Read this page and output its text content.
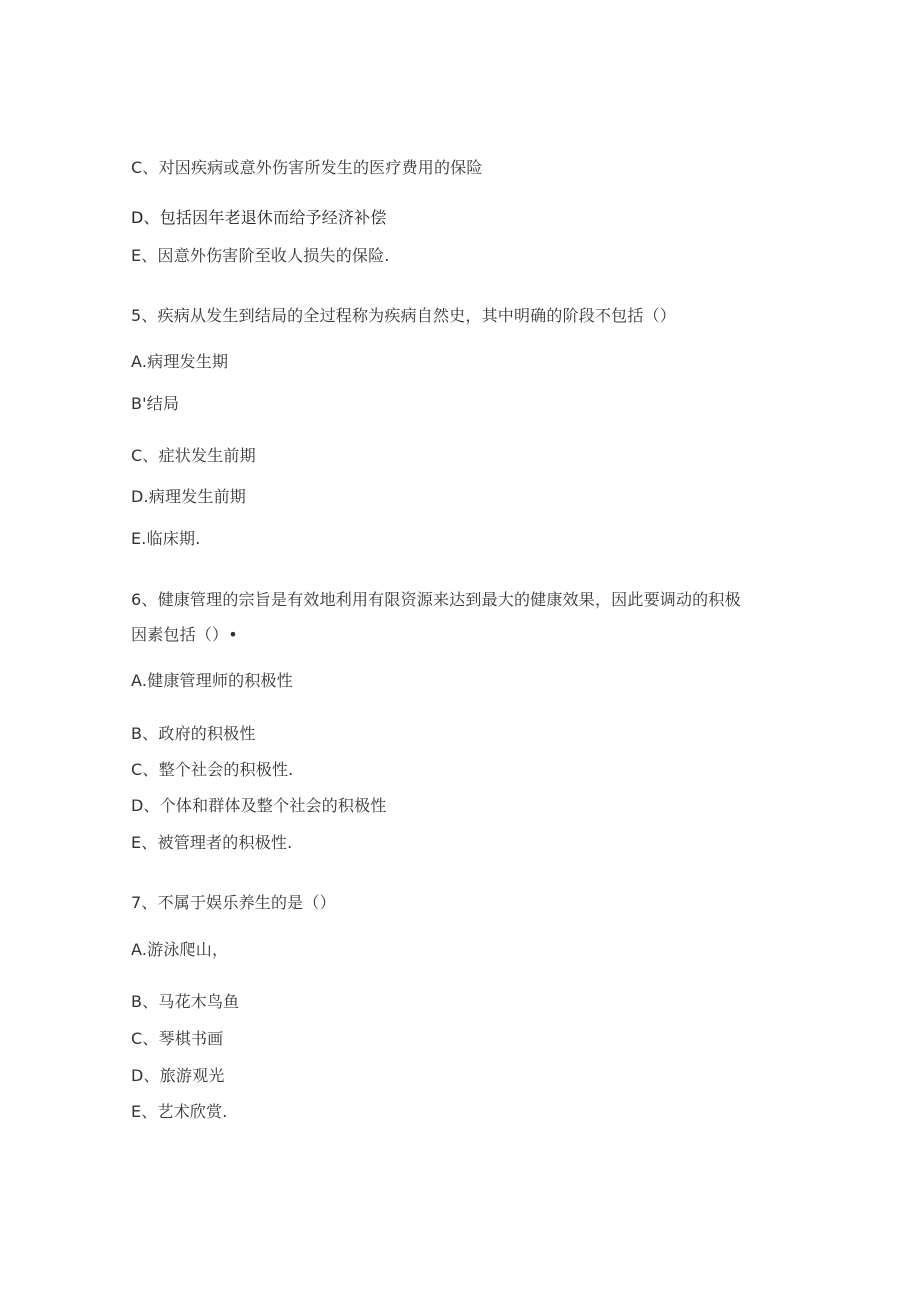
C、对因疾病或意外伤害所发生的医疗费用的保险
D、包括因年老退休而给予经济补偿
E、因意外伤害阶至收人损失的保险.
5、疾病从发生到结局的全过程称为疾病自然史，其中明确的阶段不包括（）
A.病理发生期
B'结局
C、症状发生前期
D.病理发生前期
E.临床期.
6、健康管理的宗旨是有效地利用有限资源来达到最大的健康效果，因此要调动的积极
因素包括（）•
A.健康管理师的积极性
B、政府的积极性
C、整个社会的积极性.
D、个体和群体及整个社会的积极性
E、被管理者的积极性.
7、不属于娱乐养生的是（）
A.游泳爬山，
B、马花木鸟鱼
C、琴棋书画
D、旅游观光
E、艺术欣赏.
